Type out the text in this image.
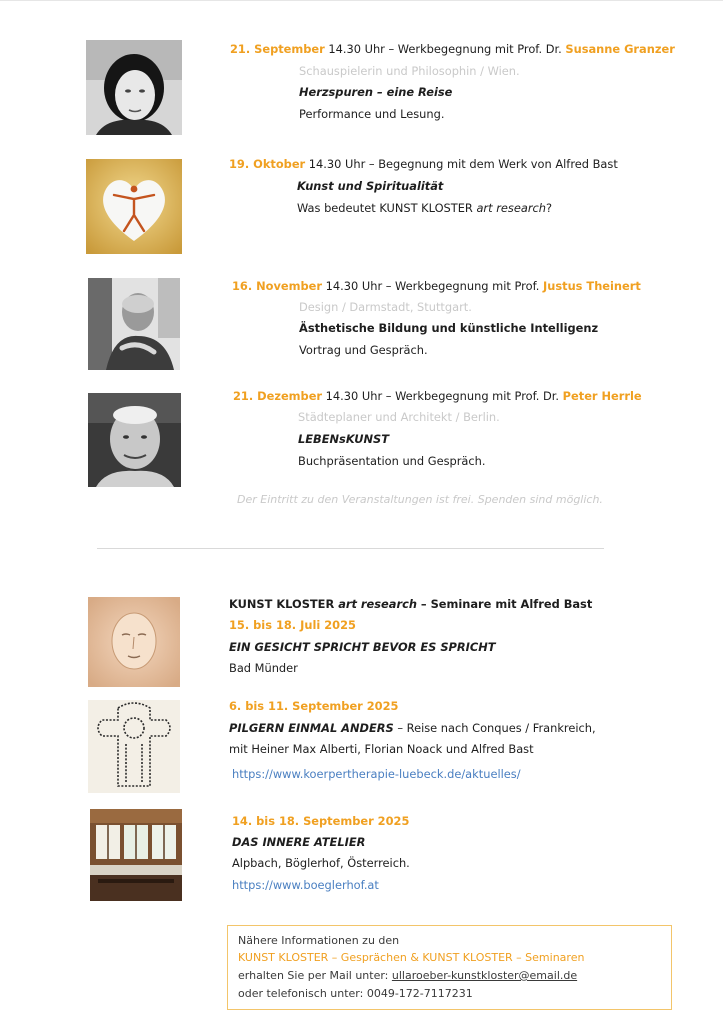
21. September 14.30 Uhr – Werkbegegnung mit Prof. Dr. Susanne Granzer
Schauspielerin und Philosophin / Wien.
Herzspuren – eine Reise
Performance und Lesung.
19. Oktober 14.30 Uhr – Begegnung mit dem Werk von Alfred Bast
Kunst und Spiritualität
Was bedeutet KUNST KLOSTER art research?
16. November 14.30 Uhr – Werkbegegnung mit Prof. Justus Theinert
Design / Darmstadt, Stuttgart.
Ästhetische Bildung und künstliche Intelligenz
Vortrag und Gespräch.
21. Dezember 14.30 Uhr – Werkbegegnung mit Prof. Dr. Peter Herrle
Städteplaner und Architekt / Berlin.
LEBENsKUNST
Buchpräsentation und Gespräch.
Der Eintritt zu den Veranstaltungen ist frei. Spenden sind möglich.
KUNST KLOSTER art research – Seminare mit Alfred Bast
15. bis 18. Juli 2025
EIN GESICHT SPRICHT BEVOR ES SPRICHT
Bad Münder
6. bis 11. September 2025
PILGERN EINMAL ANDERS – Reise nach Conques / Frankreich,
mit Heiner Max Alberti, Florian Noack und Alfred Bast
https://www.koerpertherapie-luebeck.de/aktuelles/
14. bis 18. September 2025
DAS INNERE ATELIER
Alpbach, Böglerhof, Österreich.
https://www.boeglerhof.at
Nähere Informationen zu den
KUNST KLOSTER – Gesprächen & KUNST KLOSTER – Seminaren
erhalten Sie per Mail unter: ullaroeber-kunstkloster@email.de
oder telefonisch unter: 0049-172-7117231
